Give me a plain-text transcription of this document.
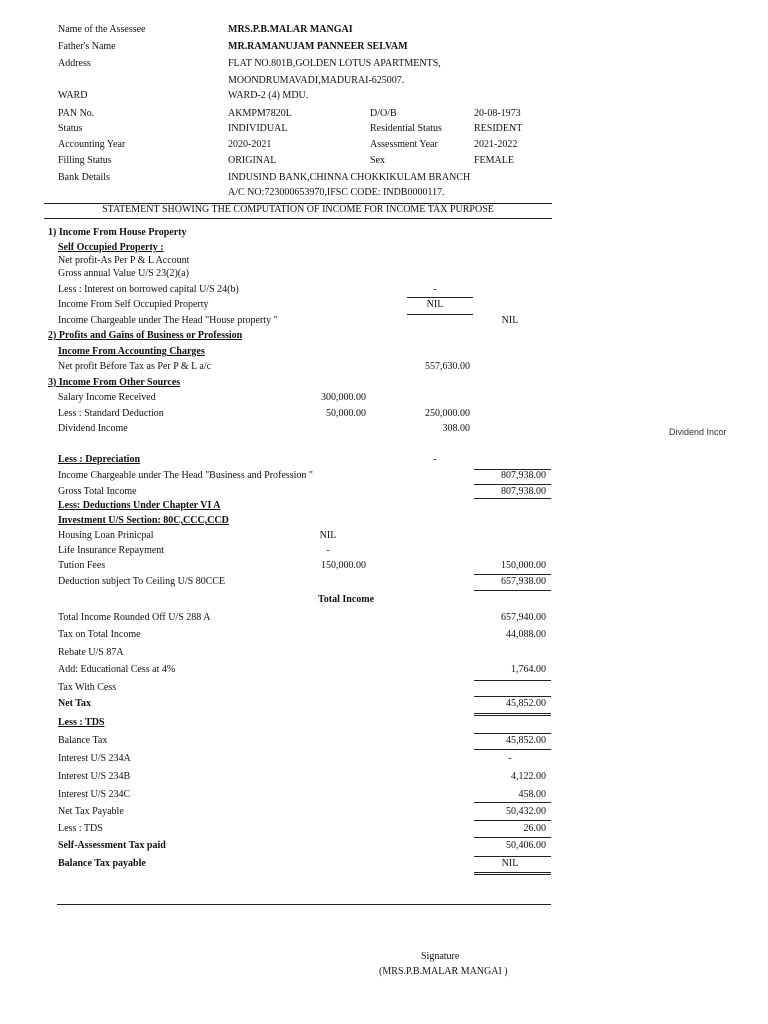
Name of the Assessee	MRS.P.B.MALAR MANGAI
Father's Name	MR.RAMANUJAM PANNEER SELVAM
Address	FLAT NO.801B,GOLDEN LOTUS APARTMENTS,
MOONDRUMAVADI,MADURAI-625007.
WARD	WARD-2 (4) MDU.
PAN No.	AKMPM7820L	D/O/B	20-08-1973
Status	INDIVIDUAL	Residential Status	RESIDENT
Accounting Year	2020-2021	Assessment Year	2021-2022
Filling Status	ORIGINAL	Sex	FEMALE
Bank Details	INDUSIND BANK,CHINNA CHOKKIKULAM BRANCH
A/C NO:723000653970,IFSC CODE: INDB0000117.
STATEMENT SHOWING THE COMPUTATION OF INCOME FOR INCOME TAX PURPOSE
1) Income From House Property
Self Occupied Property :
Net profit-As Per P & L Account
Gross annual Value U/S 23(2)(a)
Less : Interest on borrowed capital U/S 24(b)	-
Income From Self Occupied Property	NIL
Income Chargeable under The Head "House property "	NIL
2) Profits and Gains of Business or Profession
Income From Accounting Charges
Net profit Before Tax as Per P & L a/c	557,630.00
3) Income From Other Sources
Salary Income Received	300,000.00
Less : Standard Deduction	50,000.00	250,000.00
Dividend Income	308.00
Less : Depreciation	-
Income Chargeable under The Head "Business and Profession "	807,938.00
Gross Total Income	807,938.00
Less: Deductions Under Chapter VI A
Investment U/S Section: 80C,CCC,CCD
Housing Loan Prinicpal	NIL
Life Insurance Repayment	-
Tution Fees	150,000.00	150,000.00
Deduction subject To Ceiling U/S 80CCE	657,938.00
Total Income
Total Income Rounded Off U/S 288 A	657,940.00
Tax on Total Income	44,088.00
Rebate U/S 87A
Add: Educational Cess at 4%	1,764.00
Tax With Cess
Net Tax	45,852.00
Less : TDS
Balance Tax	45,852.00
Interest U/S 234A	-
Interest U/S 234B	4,122.00
Interest U/S 234C	458.00
Net Tax Payable	50,432.00
Less : TDS	26.00
Self-Assessment Tax paid	50,406.00
Balance Tax payable	NIL
Dividend Incor
Signature
(MRS.P.B.MALAR MANGAI )
